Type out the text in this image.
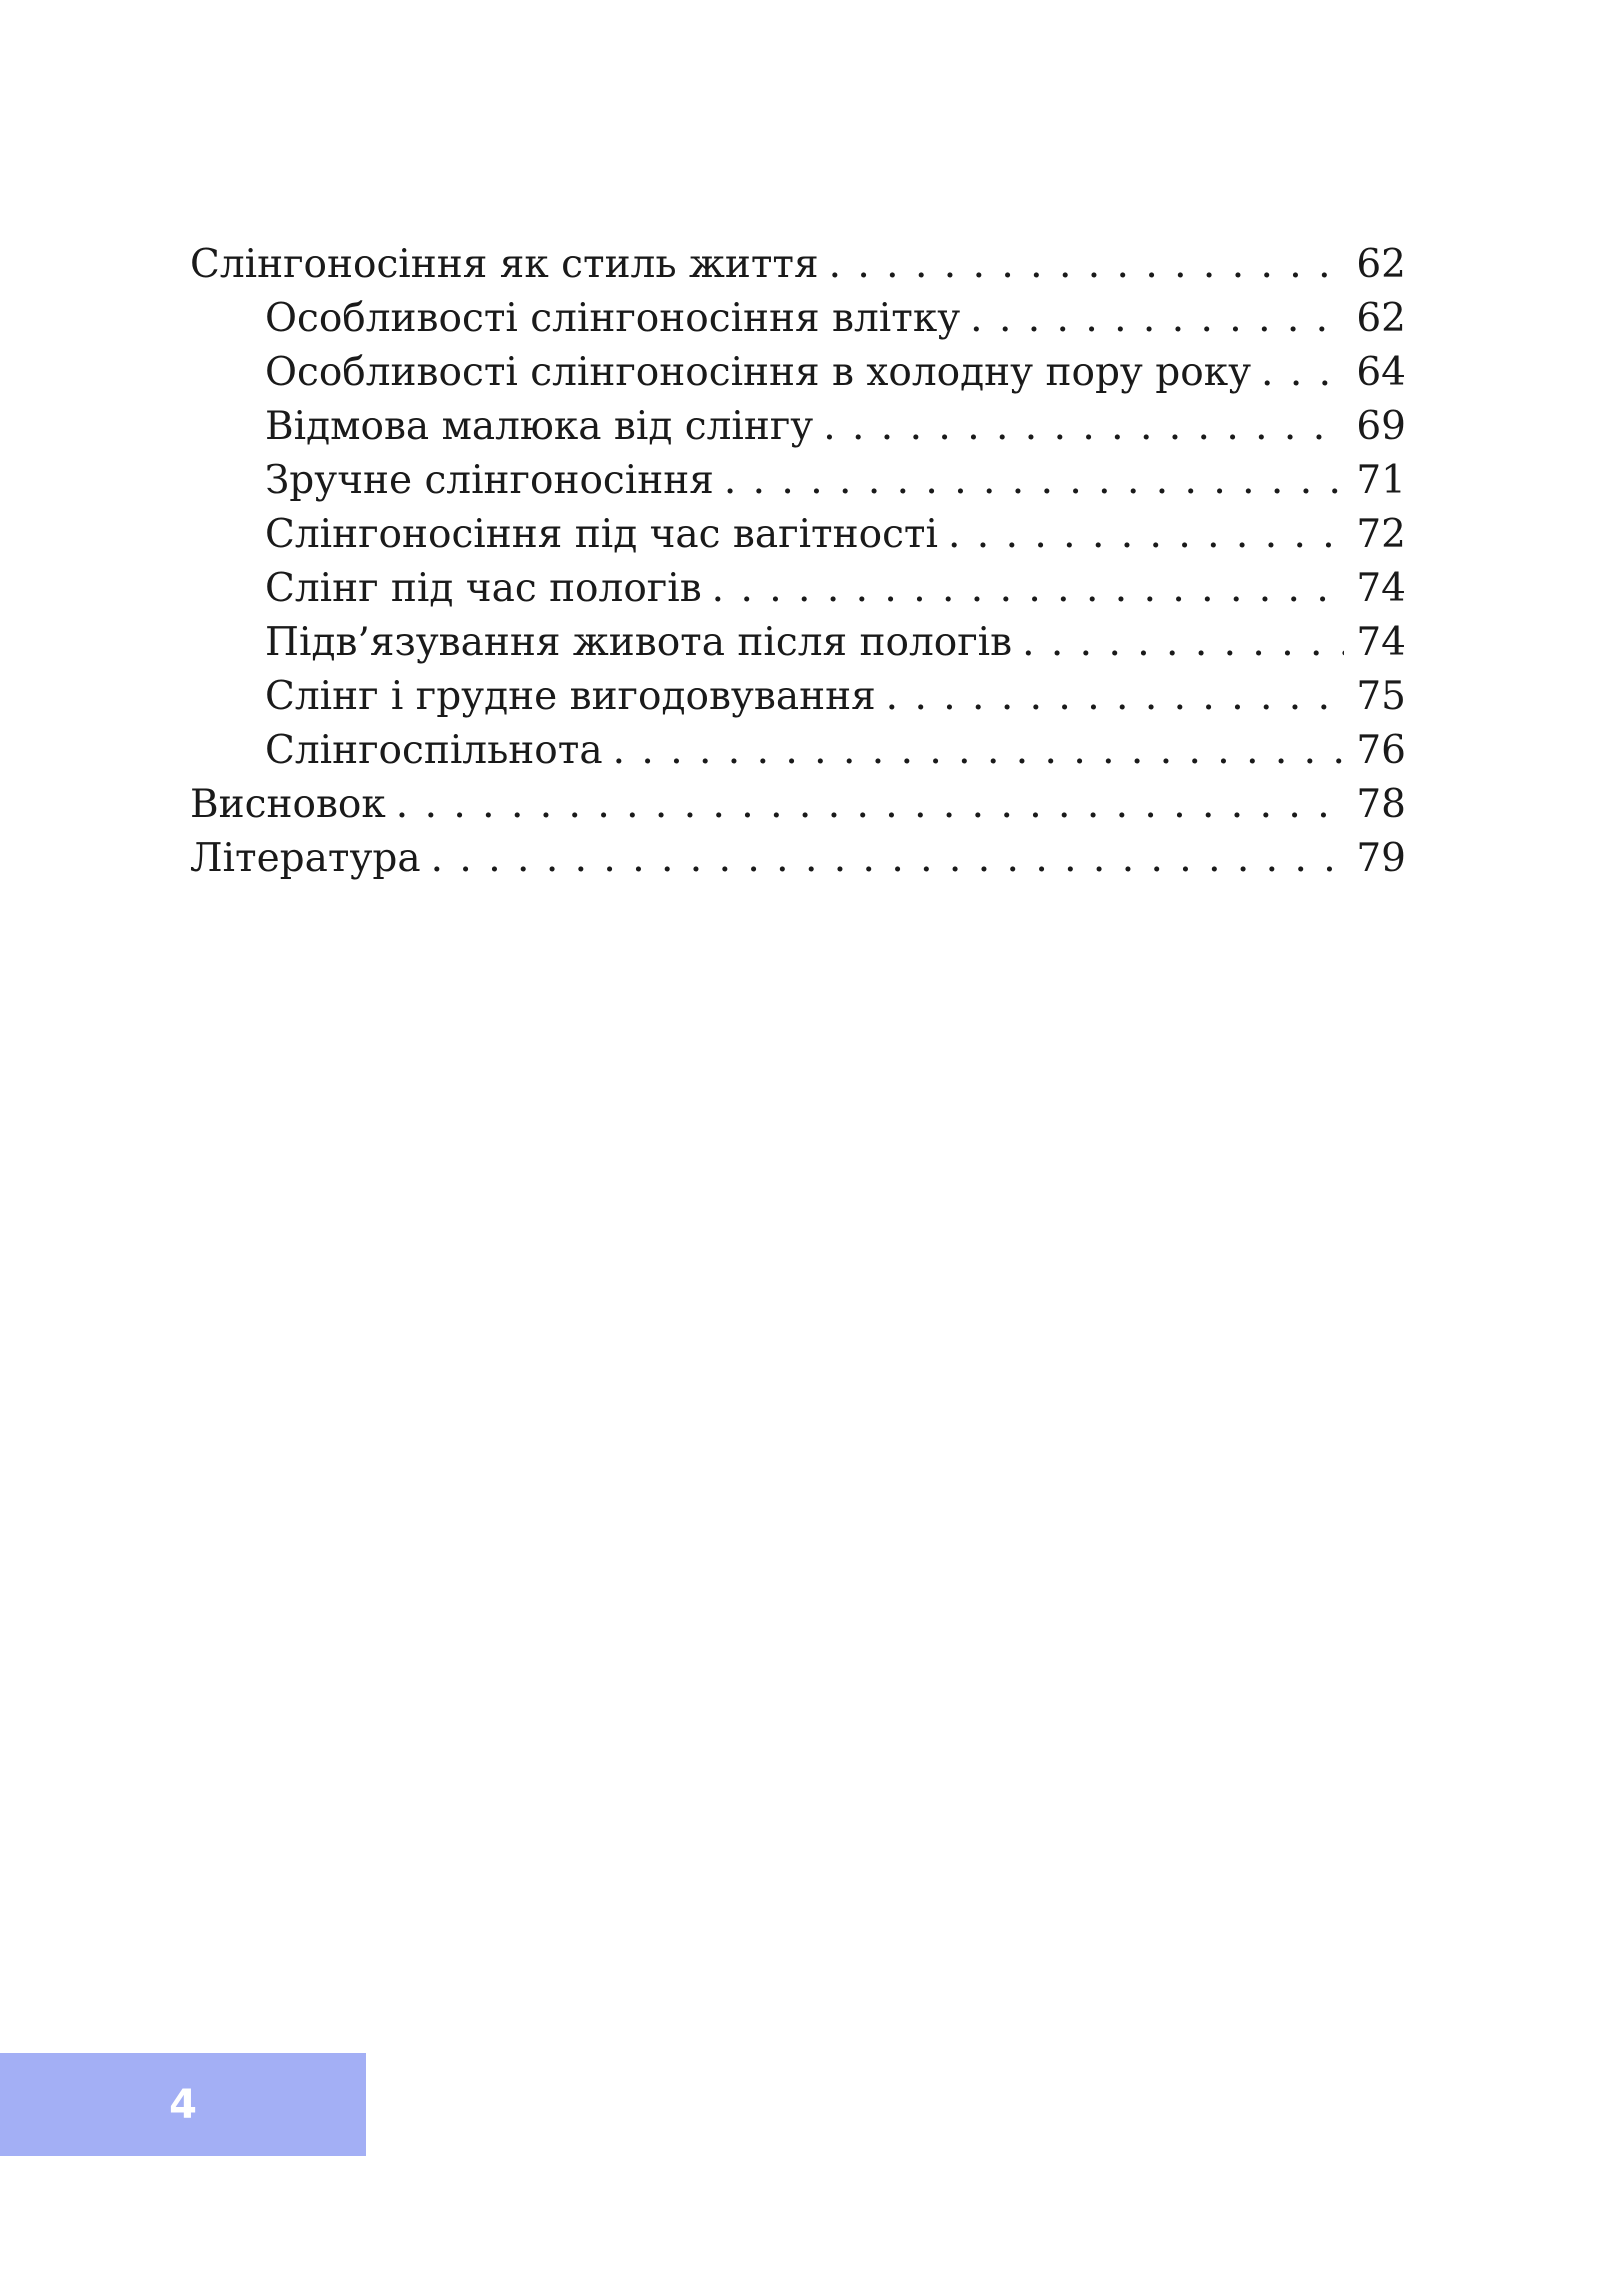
Слінгоносіння як стиль життя . . .	62
Особливості слінгоносіння влітку . . .	62
Особливості слінгоносіння в холодну пору року . . .	64
Відмова малюка від слінгу . . .	69
Зручне слінгоносіння . . .	71
Слінгоносіння під час вагітності . . .	72
Слінг під час пологів . . .	74
Підв’язування живота після пологів . . .	74
Слінг і грудне вигодовування . . .	75
Слінгоспільнота . . .	76
Висновок . . .	78
Література . . .	79
4
